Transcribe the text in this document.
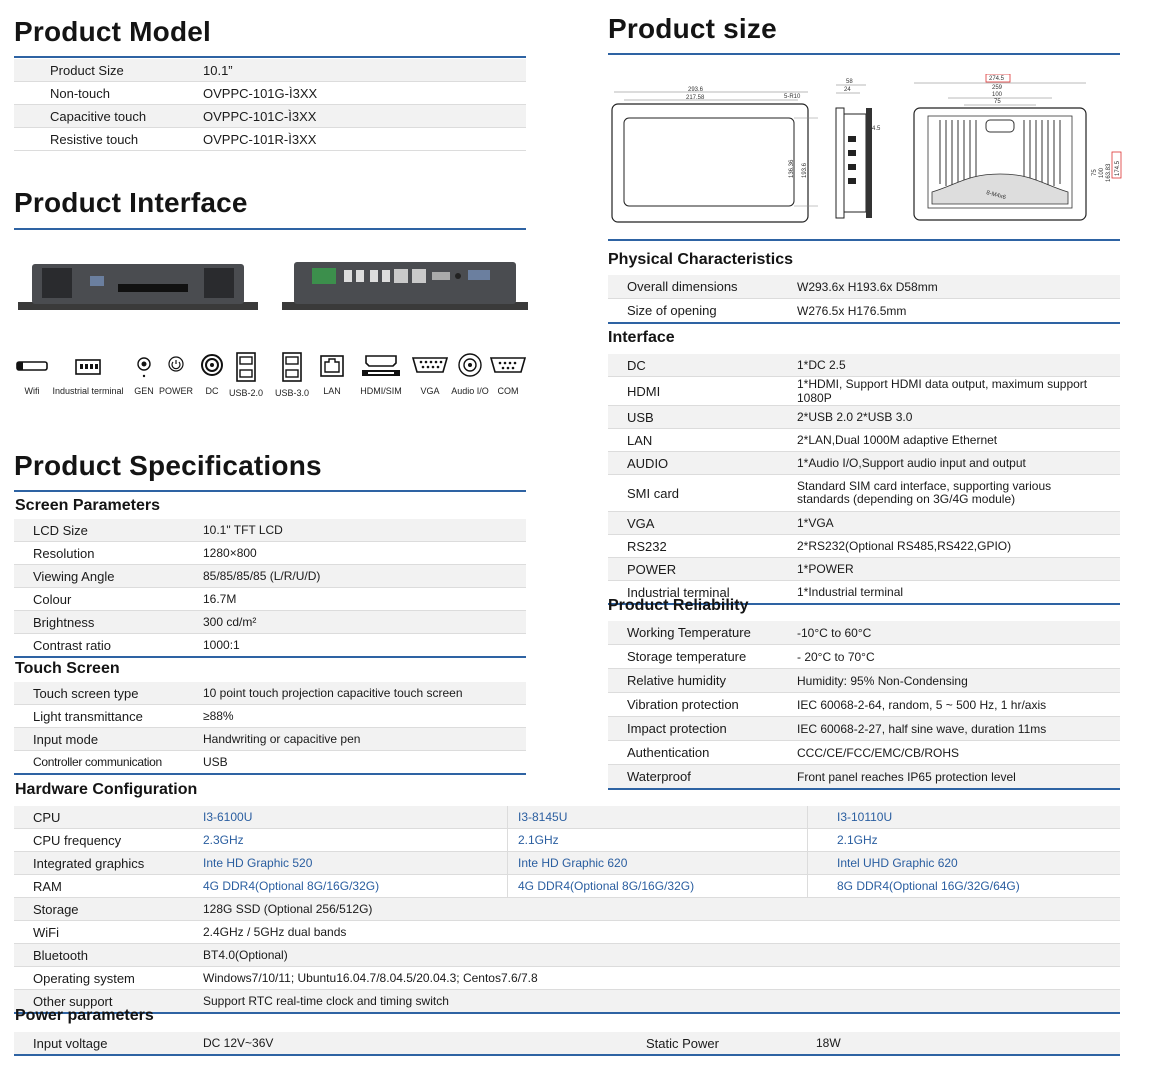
Product Model
Product Size	10.1”
Non-touch	OVPPC-101G-Ì3XX
Capacitive touch	OVPPC-101C-Ì3XX
Resistive touch	OVPPC-101R-Ì3XX
Product Interface
Wifi	Industrial terminal	GEN POWER	DC	USB-2.0	USB-3.0	LAN	HDMI/SIM	VGA	Audio I/O COM
Product Specifications
Screen Parameters
LCD Size	10.1" TFT LCD
Resolution	1280×800
Viewing Angle	85/85/85/85 (L/R/U/D)
Colour	16.7M
Brightness	300 cd/m²
Contrast ratio	1000:1
Touch Screen
Touch screen type	10 point touch projection capacitive touch screen
Light transmittance	≥88%
Input mode	Handwriting or capacitive pen
Controller communication	USB
Product size
293.6
217.58	5-R10
136.36 193.6
58
24
4.5
274.5
259
100
75
8-M4x6
75 100 163.83 174.5
Physical Characteristics
Overall dimensions	W293.6x H193.6x D58mm
Size of opening	W276.5x H176.5mm
Interface
DC	1*DC 2.5
HDMI	1*HDMI, Support HDMI data output, maximum support 1080P
USB	2*USB 2.0 2*USB 3.0
LAN	2*LAN,Dual 1000M adaptive Ethernet
AUDIO	1*Audio I/O,Support audio input and output
SMI card	Standard SIM card interface, supporting various standards (depending on 3G/4G module)
VGA	1*VGA
RS232	2*RS232(Optional RS485,RS422,GPIO)
POWER	1*POWER
Industrial terminal	1*Industrial terminal
Product Reliability
Working Temperature	-10°C to 60°C
Storage temperature	- 20°C to 70°C
Relative humidity	Humidity: 95% Non-Condensing
Vibration protection	IEC 60068-2-64, random, 5 ~ 500 Hz, 1 hr/axis
Impact protection	IEC 60068-2-27, half sine wave, duration 11ms
Authentication	CCC/CE/FCC/EMC/CB/ROHS
Waterproof	Front panel reaches IP65 protection level
Hardware Configuration
CPU	I3-6100U	I3-8145U	I3-10110U
CPU frequency	2.3GHz	2.1GHz	2.1GHz
Integrated graphics	Inte HD Graphic 520	Inte HD Graphic 620	Intel UHD Graphic 620
RAM	4G DDR4(Optional 8G/16G/32G)	4G DDR4(Optional 8G/16G/32G)	8G DDR4(Optional 16G/32G/64G)
Storage	128G SSD (Optional 256/512G)		
WiFi	2.4GHz / 5GHz dual bands		
Bluetooth	BT4.0(Optional)		
Operating system	Windows7/10/11; Ubuntu16.04.7/8.04.5/20.04.3; Centos7.6/7.8		
Other support	Support RTC real-time clock and timing switch		
Power parameters
Input voltage	DC 12V~36V	Static Power	18W
